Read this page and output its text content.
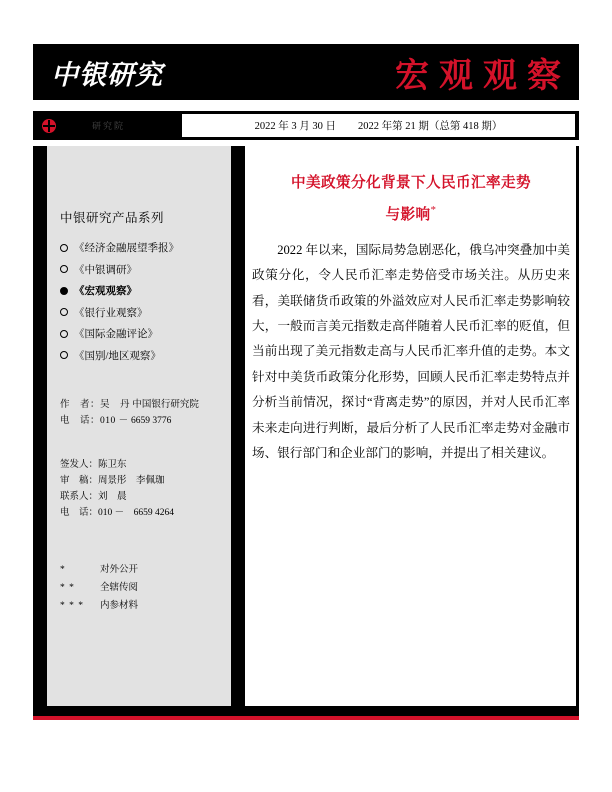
中银研究	宏观观察
研究院	2022 年 3 月 30 日 2022 年第 21 期（总第 418 期）
中银研究产品系列
《经济金融展望季报》
《中银调研》
《宏观观察》
《银行业观察》
《国际金融评论》
《国别/地区观察》
作　者：吴　丹 中国银行研究院
电　话：010 － 6659 3776
签发人：陈卫东
审　稿：周景彤　李佩珈
联系人：刘　晨
电　话：010 －　6659 4264
*	对外公开
* *	全辖传阅
* * *	内参材料
中美政策分化背景下人民币汇率走势
与影响*

2022 年以来，国际局势急剧恶化，俄乌冲突叠加中美政策分化，令人民币汇率走势倍受市场关注。从历史来看，美联储货币政策的外溢效应对人民币汇率走势影响较大，一般而言美元指数走高伴随着人民币汇率的贬值，但当前出现了美元指数走高与人民币汇率升值的走势。本文针对中美货币政策分化形势，回顾人民币汇率走势特点并分析当前情况，探讨“背离走势”的原因，并对人民币汇率未来走向进行判断，最后分析了人民币汇率走势对金融市场、银行部门和企业部门的影响，并提出了相关建议。
